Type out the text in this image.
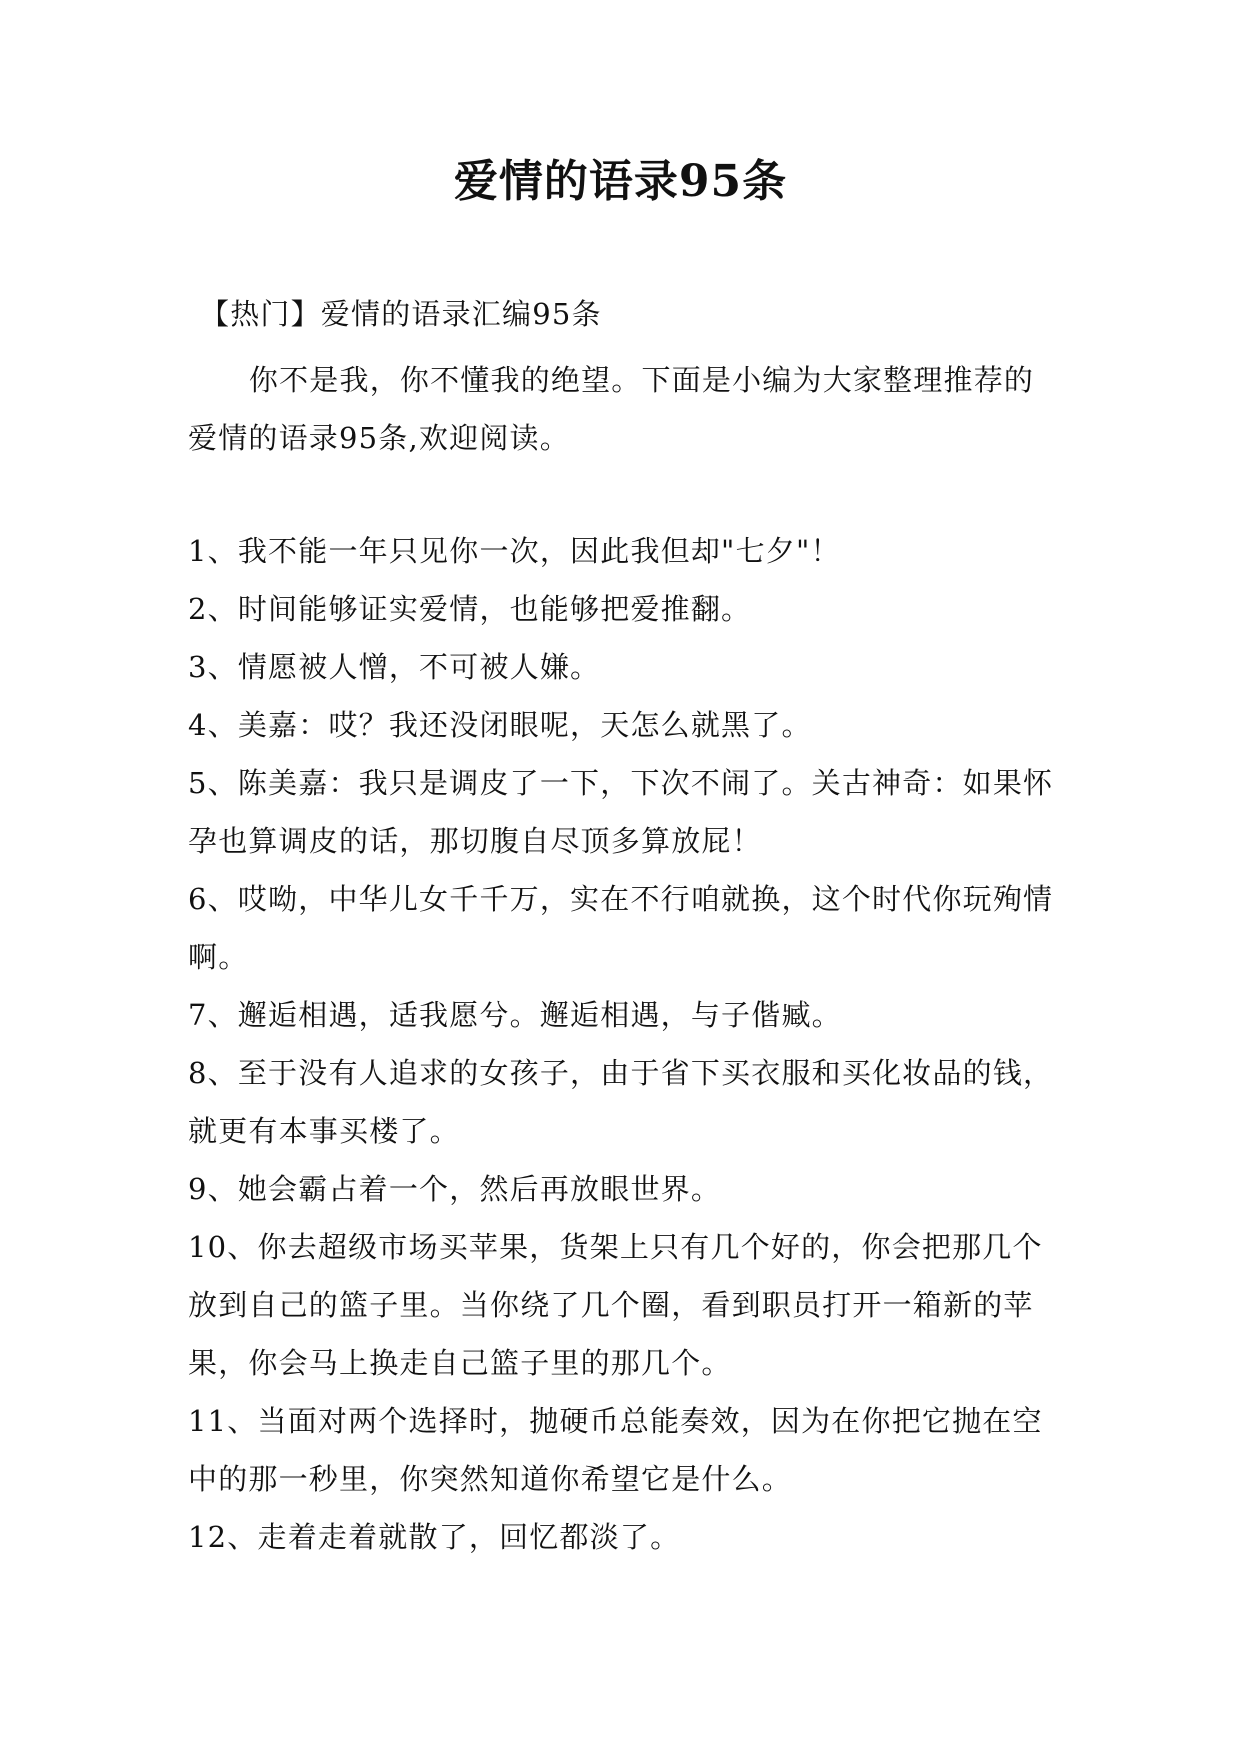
爱情的语录95条

【热门】爱情的语录汇编95条

你不是我，你不懂我的绝望。下面是小编为大家整理推荐的爱情的语录95条,欢迎阅读。

1、我不能一年只见你一次，因此我但却"七夕"！
2、时间能够证实爱情，也能够把爱推翻。
3、情愿被人憎，不可被人嫌。
4、美嘉：哎？我还没闭眼呢，天怎么就黑了。
5、陈美嘉：我只是调皮了一下，下次不闹了。关古神奇：如果怀孕也算调皮的话，那切腹自尽顶多算放屁！
6、哎呦，中华儿女千千万，实在不行咱就换，这个时代你玩殉情啊。
7、邂逅相遇，适我愿兮。邂逅相遇，与子偕臧。
8、至于没有人追求的女孩子，由于省下买衣服和买化妆品的钱，就更有本事买楼了。
9、她会霸占着一个，然后再放眼世界。
10、你去超级市场买苹果，货架上只有几个好的，你会把那几个放到自己的篮子里。当你绕了几个圈，看到职员打开一箱新的苹果，你会马上换走自己篮子里的那几个。
11、当面对两个选择时，抛硬币总能奏效，因为在你把它抛在空中的那一秒里，你突然知道你希望它是什么。
12、走着走着就散了，回忆都淡了。
